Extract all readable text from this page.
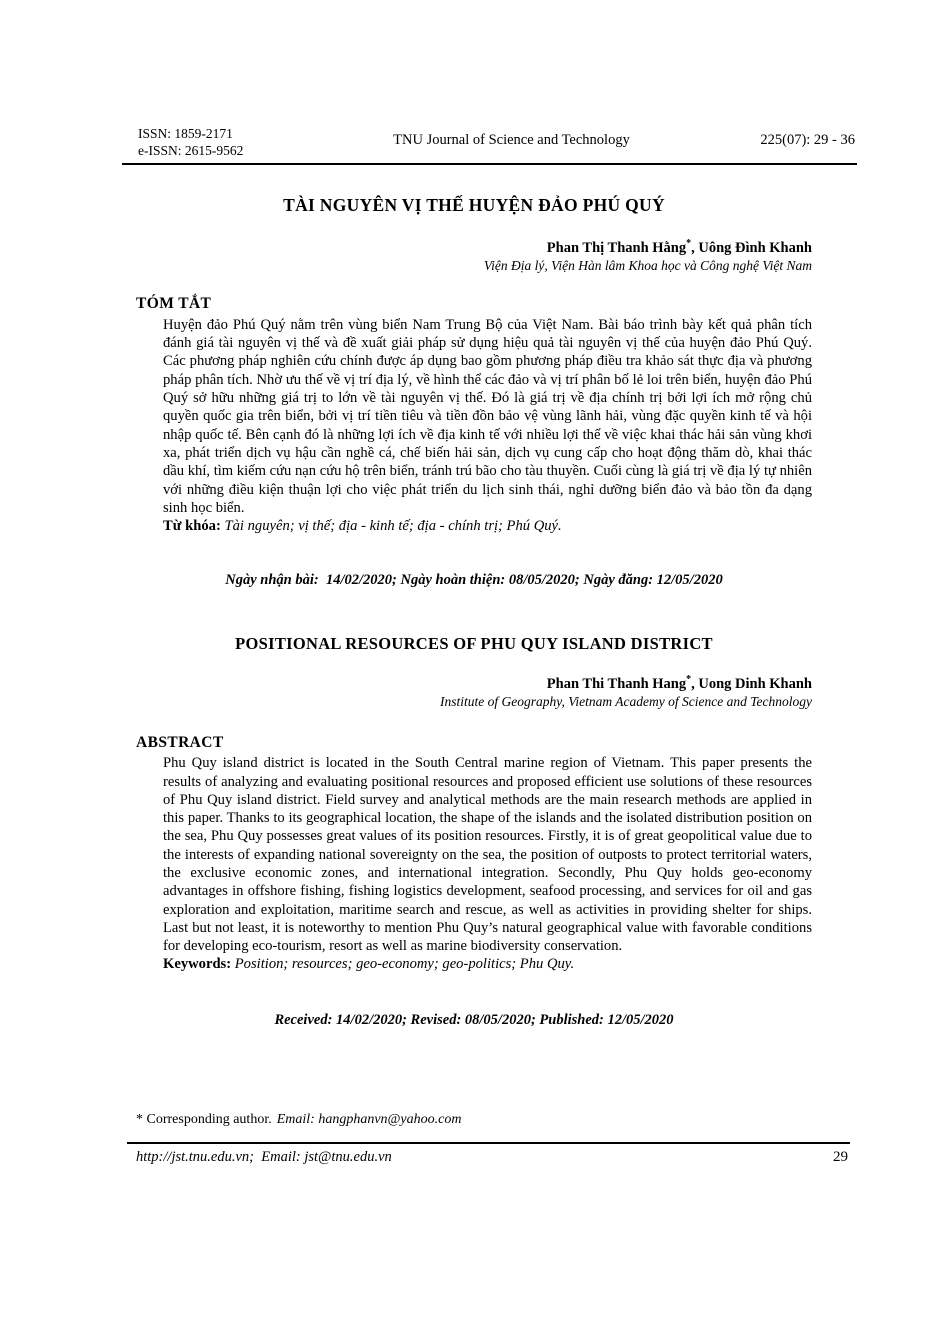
ISSN: 1859-2171
e-ISSN: 2615-9562
TNU Journal of Science and Technology	225(07): 29 - 36
TÀI NGUYÊN VỊ THẾ HUYỆN ĐẢO PHÚ QUÝ
Phan Thị Thanh Hằng*, Uông Đình Khanh
Viện Địa lý, Viện Hàn lâm Khoa học và Công nghệ Việt Nam
TÓM TẮT

Huyện đảo Phú Quý nằm trên vùng biển Nam Trung Bộ của Việt Nam. Bài báo trình bày kết quả phân tích đánh giá tài nguyên vị thế và đề xuất giải pháp sử dụng hiệu quả tài nguyên vị thế của huyện đảo Phú Quý. Các phương pháp nghiên cứu chính được áp dụng bao gồm phương pháp điều tra khảo sát thực địa và phương pháp phân tích. Nhờ ưu thế về vị trí địa lý, về hình thể các đảo và vị trí phân bố lẻ loi trên biển, huyện đảo Phú Quý sở hữu những giá trị to lớn về tài nguyên vị thế. Đó là giá trị về địa chính trị bởi lợi ích mở rộng chủ quyền quốc gia trên biển, bởi vị trí tiền tiêu và tiền đồn bảo vệ vùng lãnh hải, vùng đặc quyền kinh tế và hội nhập quốc tế. Bên cạnh đó là những lợi ích về địa kinh tế với nhiều lợi thế về việc khai thác hải sản vùng khơi xa, phát triển dịch vụ hậu cần nghề cá, chế biến hải sản, dịch vụ cung cấp cho hoạt động thăm dò, khai thác dầu khí, tìm kiếm cứu nạn cứu hộ trên biển, tránh trú bão cho tàu thuyền. Cuối cùng là giá trị về địa lý tự nhiên với những điều kiện thuận lợi cho việc phát triển du lịch sinh thái, nghỉ dưỡng biển đảo và bảo tồn đa dạng sinh học biển.

Từ khóa: Tài nguyên; vị thế; địa - kinh tế; địa - chính trị; Phú Quý.
Ngày nhận bài:  14/02/2020; Ngày hoàn thiện: 08/05/2020; Ngày đăng: 12/05/2020
POSITIONAL RESOURCES OF PHU QUY ISLAND DISTRICT
Phan Thi Thanh Hang*, Uong Dinh Khanh
Institute of Geography, Vietnam Academy of Science and Technology
ABSTRACT

Phu Quy island district is located in the South Central marine region of Vietnam. This paper presents the results of analyzing and evaluating positional resources and proposed efficient use solutions of these resources of Phu Quy island district. Field survey and analytical methods are the main research methods are applied in this paper. Thanks to its geographical location, the shape of the islands and the isolated distribution position on the sea, Phu Quy possesses great values of its position resources. Firstly, it is of great geopolitical value due to the interests of expanding national sovereignty on the sea, the position of outposts to protect territorial waters, the exclusive economic zones, and international integration. Secondly, Phu Quy holds geo-economy advantages in offshore fishing, fishing logistics development, seafood processing, and services for oil and gas exploration and exploitation, maritime search and rescue, as well as activities in providing shelter for ships. Last but not least, it is noteworthy to mention Phu Quy’s natural geographical value with favorable conditions for developing eco-tourism, resort as well as marine biodiversity conservation.

Keywords: Position; resources; geo-economy; geo-politics; Phu Quy.
Received: 14/02/2020; Revised: 08/05/2020; Published: 12/05/2020
* Corresponding author. Email: hangphanvn@yahoo.com
http://jst.tnu.edu.vn;  Email: jst@tnu.edu.vn	29
